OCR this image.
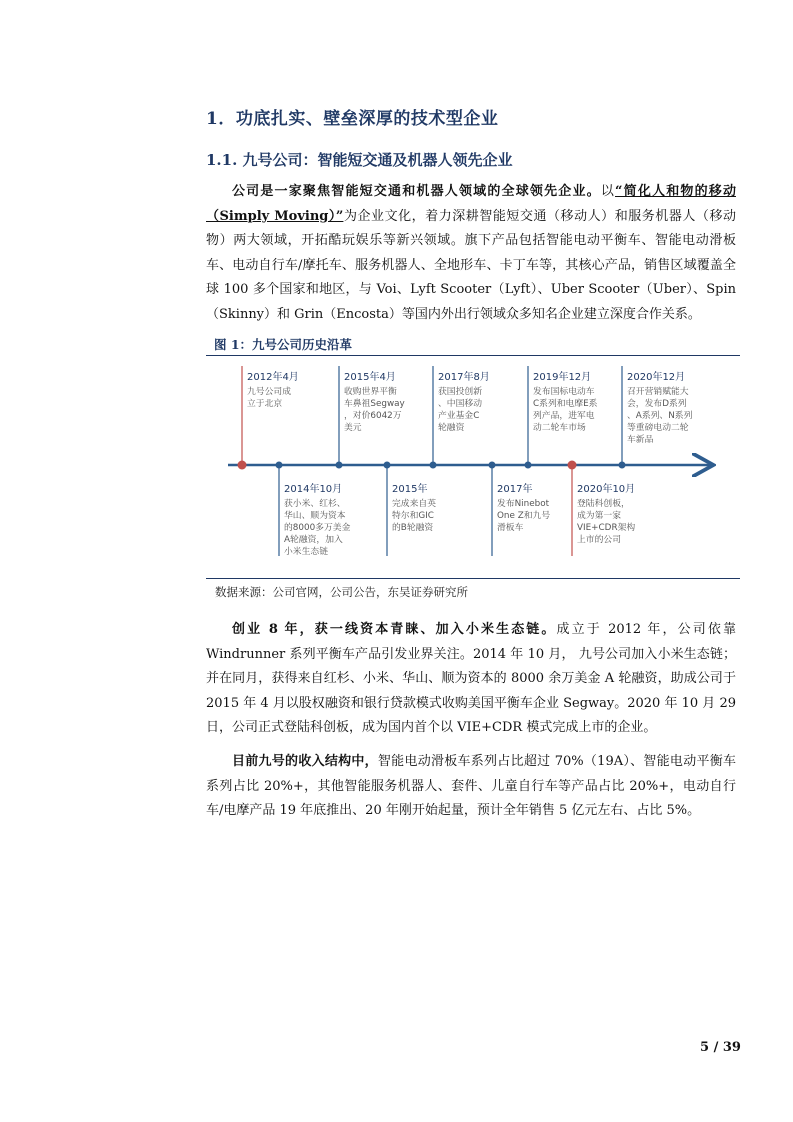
1．功底扎实、壁垒深厚的技术型企业
1.1. 九号公司：智能短交通及机器人领先企业
公司是一家聚焦智能短交通和机器人领域的全球领先企业。以“简化人和物的移动（Simply Moving）”为企业文化，着力深耕智能短交通（移动人）和服务机器人（移动物）两大领域，开拓酷玩娱乐等新兴领域。旗下产品包括智能电动平衡车、智能电动滑板车、电动自行车/摩托车、服务机器人、全地形车、卡丁车等，其核心产品，销售区域覆盖全球 100 多个国家和地区，与 Voi、Lyft Scooter（Lyft）、Uber Scooter（Uber）、Spin（Skinny）和 Grin（Encosta）等国内外出行领域众多知名企业建立深度合作关系。
图 1：九号公司历史沿革
2012年4月
九号公司成
立于北京
2015年4月
收购世界平衡
车鼻祖Segway
，对价6042万
美元
2017年8月
获国投创新
、中国移动
产业基金C
轮融资
2019年12月
发布国标电动车
C系列和电摩E系
列产品，进军电
动二轮车市场
2020年12月
召开营销赋能大
会，发布D系列
、A系列、N系列
等重磅电动二轮
车新品
2014年10月
获小米、红杉、
华山、顺为资本
的8000多万美金
A轮融资，加入
小米生态链
2015年
完成来自英
特尔和GIC
的B轮融资
2017年
发布Ninebot
One Z和九号
滑板车
2020年10月
登陆科创板，
成为第一家
VIE+CDR架构
上市的公司
数据来源：公司官网，公司公告，东吴证券研究所
创业 8 年，获一线资本青睐、加入小米生态链。成立于 2012 年，公司依靠 Windrunner 系列平衡车产品引发业界关注。2014 年 10 月， 九号公司加入小米生态链；并在同月，获得来自红杉、小米、华山、顺为资本的 8000 余万美金 A 轮融资，助成公司于 2015 年 4 月以股权融资和银行贷款模式收购美国平衡车企业 Segway。2020 年 10 月 29 日，公司正式登陆科创板，成为国内首个以 VIE+CDR 模式完成上市的企业。
目前九号的收入结构中，智能电动滑板车系列占比超过 70%（19A）、智能电动平衡车系列占比 20%+，其他智能服务机器人、套件、儿童自行车等产品占比 20%+，电动自行车/电摩产品 19 年底推出、20 年刚开始起量，预计全年销售 5 亿元左右、占比 5%。
5 / 39
